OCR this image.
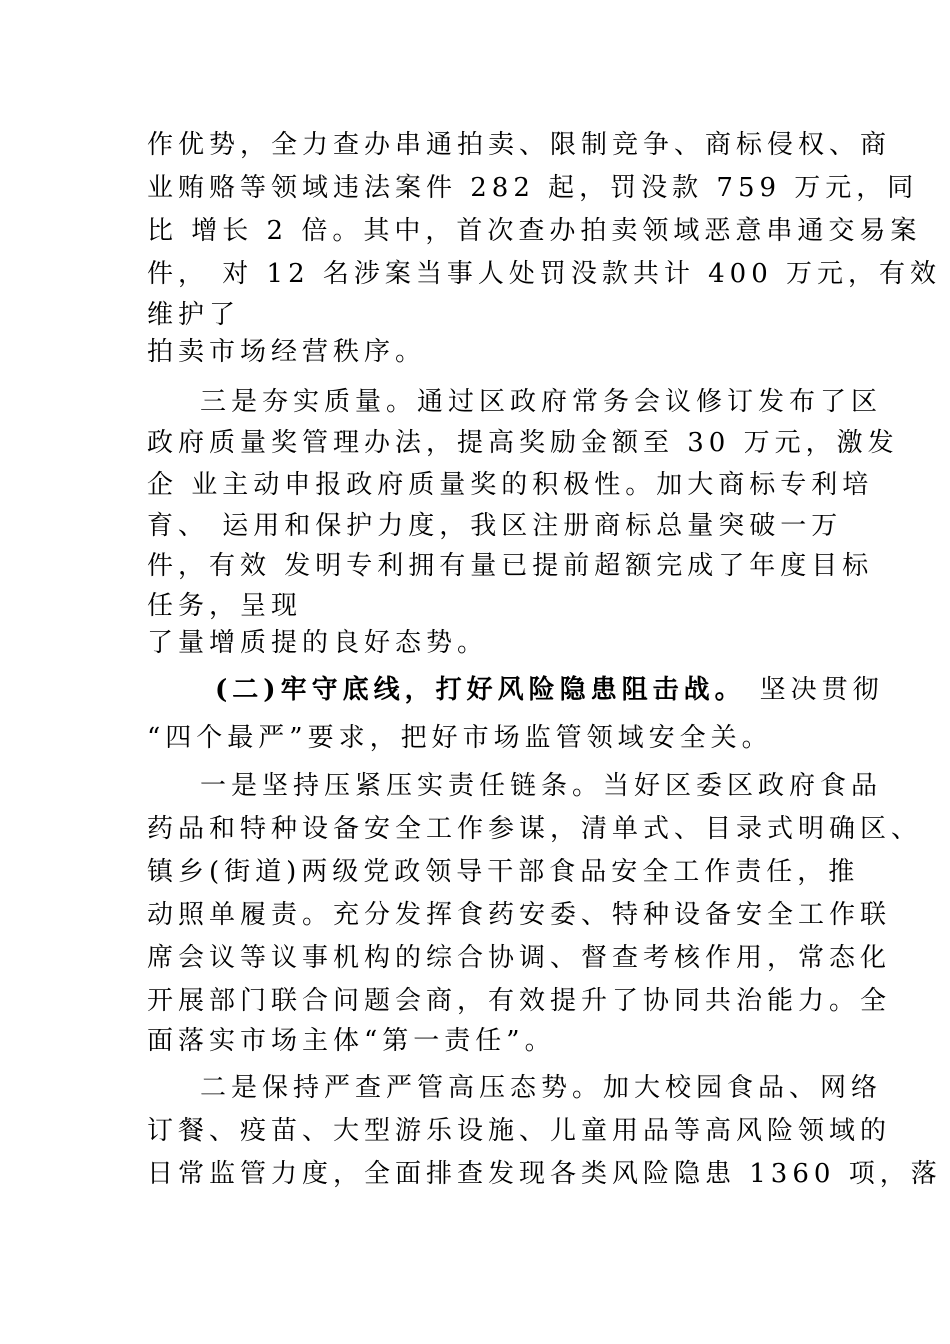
作优势，全力查办串通拍卖、限制竞争、商标侵权、商
业贿赂等领域违法案件 282 起，罚没款 759 万元，同
比 增长 2 倍。其中，首次查办拍卖领域恶意串通交易案
件， 对 12 名涉案当事人处罚没款共计 400 万元，有效
维护了
拍卖市场经营秩序。
三是夯实质量。通过区政府常务会议修订发布了区
政府质量奖管理办法，提高奖励金额至 30 万元，激发
企 业主动申报政府质量奖的积极性。加大商标专利培
育、 运用和保护力度，我区注册商标总量突破一万
件，有效 发明专利拥有量已提前超额完成了年度目标
任务，呈现
了量增质提的良好态势。
(二)牢守底线，打好风险隐患阻击战。 坚决贯彻
“四个最严”要求，把好市场监管领域安全关。
一是坚持压紧压实责任链条。当好区委区政府食品
药品和特种设备安全工作参谋，清单式、目录式明确区、
镇乡(街道)两级党政领导干部食品安全工作责任，推
动照单履责。充分发挥食药安委、特种设备安全工作联
席会议等议事机构的综合协调、督查考核作用，常态化
开展部门联合问题会商，有效提升了协同共治能力。全
面落实市场主体“第一责任”。
二是保持严查严管高压态势。加大校园食品、网络
订餐、疫苗、大型游乐设施、儿童用品等高风险领域的
日常监管力度，全面排查发现各类风险隐患 1360 项，落
